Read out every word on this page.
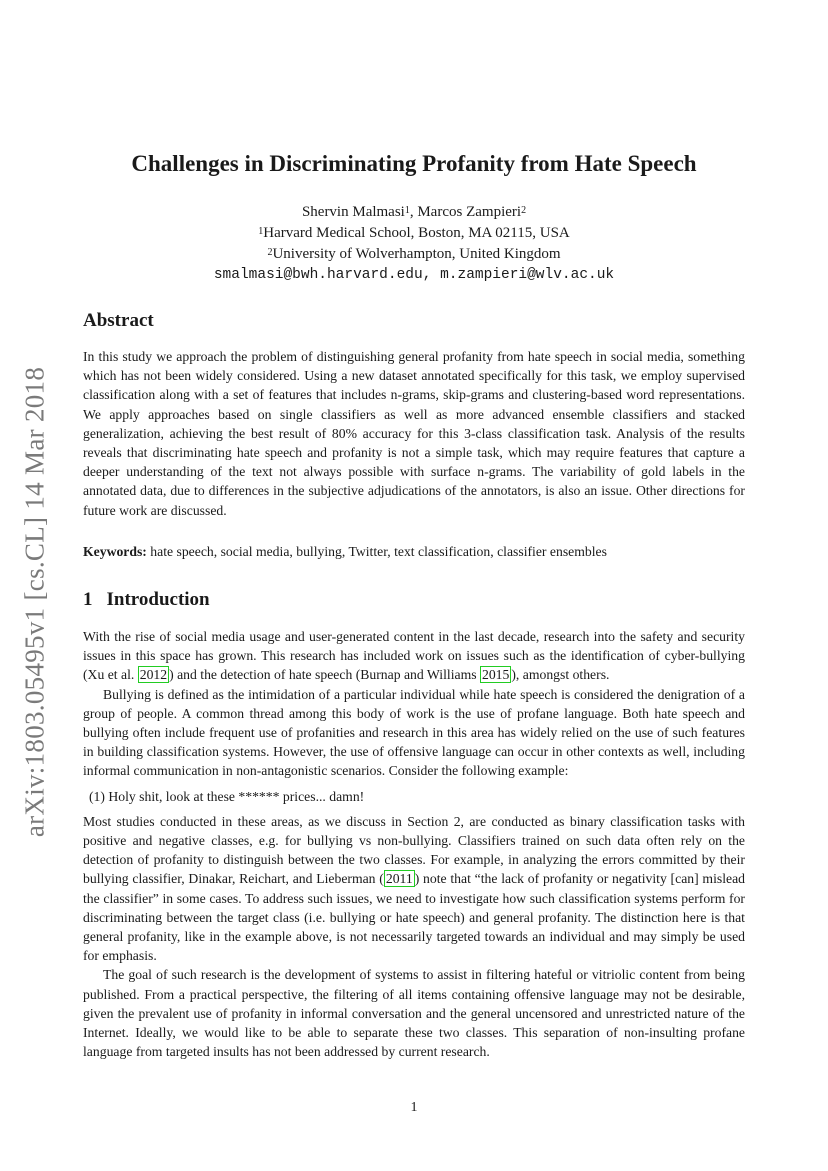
arXiv:1803.05495v1 [cs.CL] 14 Mar 2018
Challenges in Discriminating Profanity from Hate Speech
Shervin Malmasi$^1$, Marcos Zampieri$^2$
$^1$Harvard Medical School, Boston, MA 02115, USA
$^2$University of Wolverhampton, United Kingdom
smalmasi@bwh.harvard.edu, m.zampieri@wlv.ac.uk
Abstract
In this study we approach the problem of distinguishing general profanity from hate speech in social media, something which has not been widely considered. Using a new dataset annotated specifically for this task, we employ supervised classification along with a set of features that includes n-grams, skip-grams and clustering-based word representations. We apply approaches based on single classifiers as well as more advanced ensemble classifiers and stacked generalization, achieving the best result of 80% accuracy for this 3-class classification task. Analysis of the results reveals that discriminating hate speech and profanity is not a simple task, which may require features that capture a deeper understanding of the text not always possible with surface n-grams. The variability of gold labels in the annotated data, due to differences in the subjective adjudications of the annotators, is also an issue. Other directions for future work are discussed.
Keywords: hate speech, social media, bullying, Twitter, text classification, classifier ensembles
1 Introduction

With the rise of social media usage and user-generated content in the last decade, research into the safety and security issues in this space has grown. This research has included work on issues such as the identification of cyber-bullying (Xu et al. 2012 ) and the detection of hate speech (Burnap and Williams 2015 ), amongst others.

Bullying is defined as the intimidation of a particular individual while hate speech is considered the denigration of a group of people. A common thread among this body of work is the use of profane language. Both hate speech and bullying often include frequent use of profanities and research in this area has widely relied on the use of such features in building classification systems. However, the use of offensive language can occur in other contexts as well, including informal communication in non-antagonistic scenarios. Consider the following example:

(1) Holy shit, look at these ****** prices... damn!

Most studies conducted in these areas, as we discuss in Section 2, are conducted as binary classification tasks with positive and negative classes, e.g. for bullying vs non-bullying. Classifiers trained on such data often rely on the detection of profanity to distinguish between the two classes. For example, in analyzing the errors committed by their bullying classifier, Dinakar, Reichart, and Lieberman ( 2011 ) note that “the lack of profanity or negativity [can] mislead the classifier” in some cases. To address such issues, we need to investigate how such classification systems perform for discriminating between the target class (i.e. bullying or hate speech) and general profanity. The distinction here is that general profanity, like in the example above, is not necessarily targeted towards an individual and may simply be used for emphasis.

The goal of such research is the development of systems to assist in filtering hateful or vitriolic content from being published. From a practical perspective, the filtering of all items containing offensive language may not be desirable, given the prevalent use of profanity in informal conversation and the general uncensored and unrestricted nature of the Internet. Ideally, we would like to be able to separate these two classes. This separation of non-insulting profane language from targeted insults has not been addressed by current research.

1
